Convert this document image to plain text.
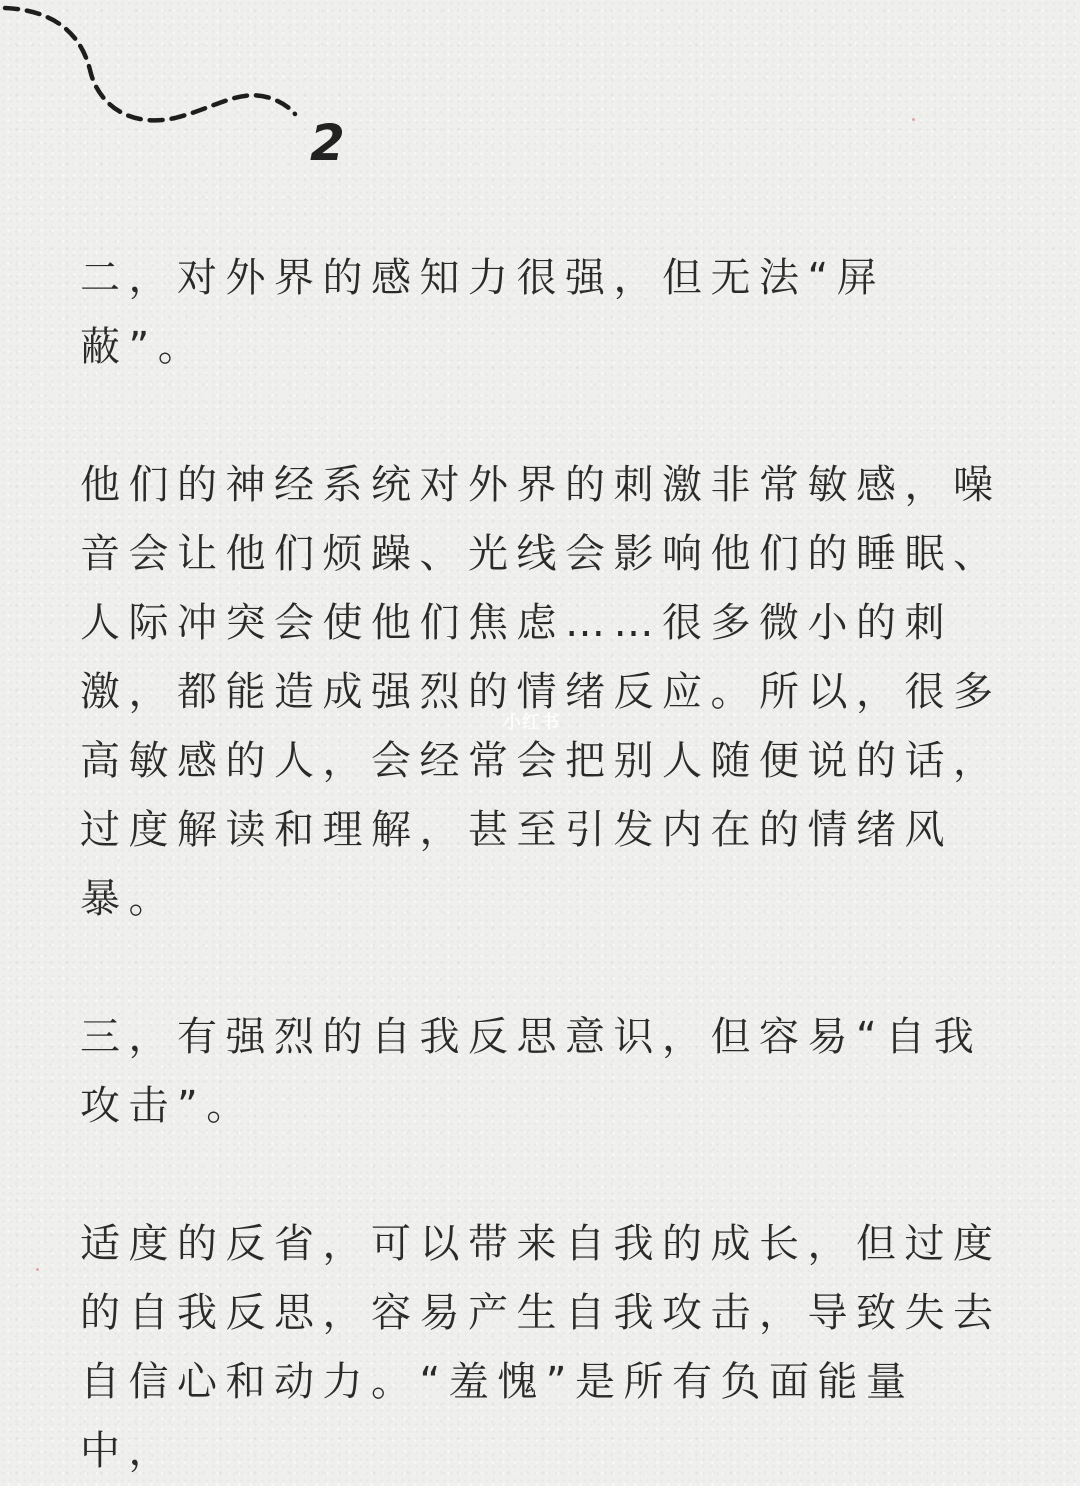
2

二，对外界的感知力很强，但无法“屏蔽”。

他们的神经系统对外界的刺激非常敏感，噪音会让他们烦躁、光线会影响他们的睡眠、人际冲突会使他们焦虑……很多微小的刺激，都能造成强烈的情绪反应。所以，很多高敏感的人，会经常会把别人随便说的话，过度解读和理解，甚至引发内在的情绪风暴。

三，有强烈的自我反思意识，但容易“自我攻击”。

适度的反省，可以带来自我的成长，但过度的自我反思，容易产生自我攻击，导致失去自信心和动力。“羞愧”是所有负面能量中，

小红书
